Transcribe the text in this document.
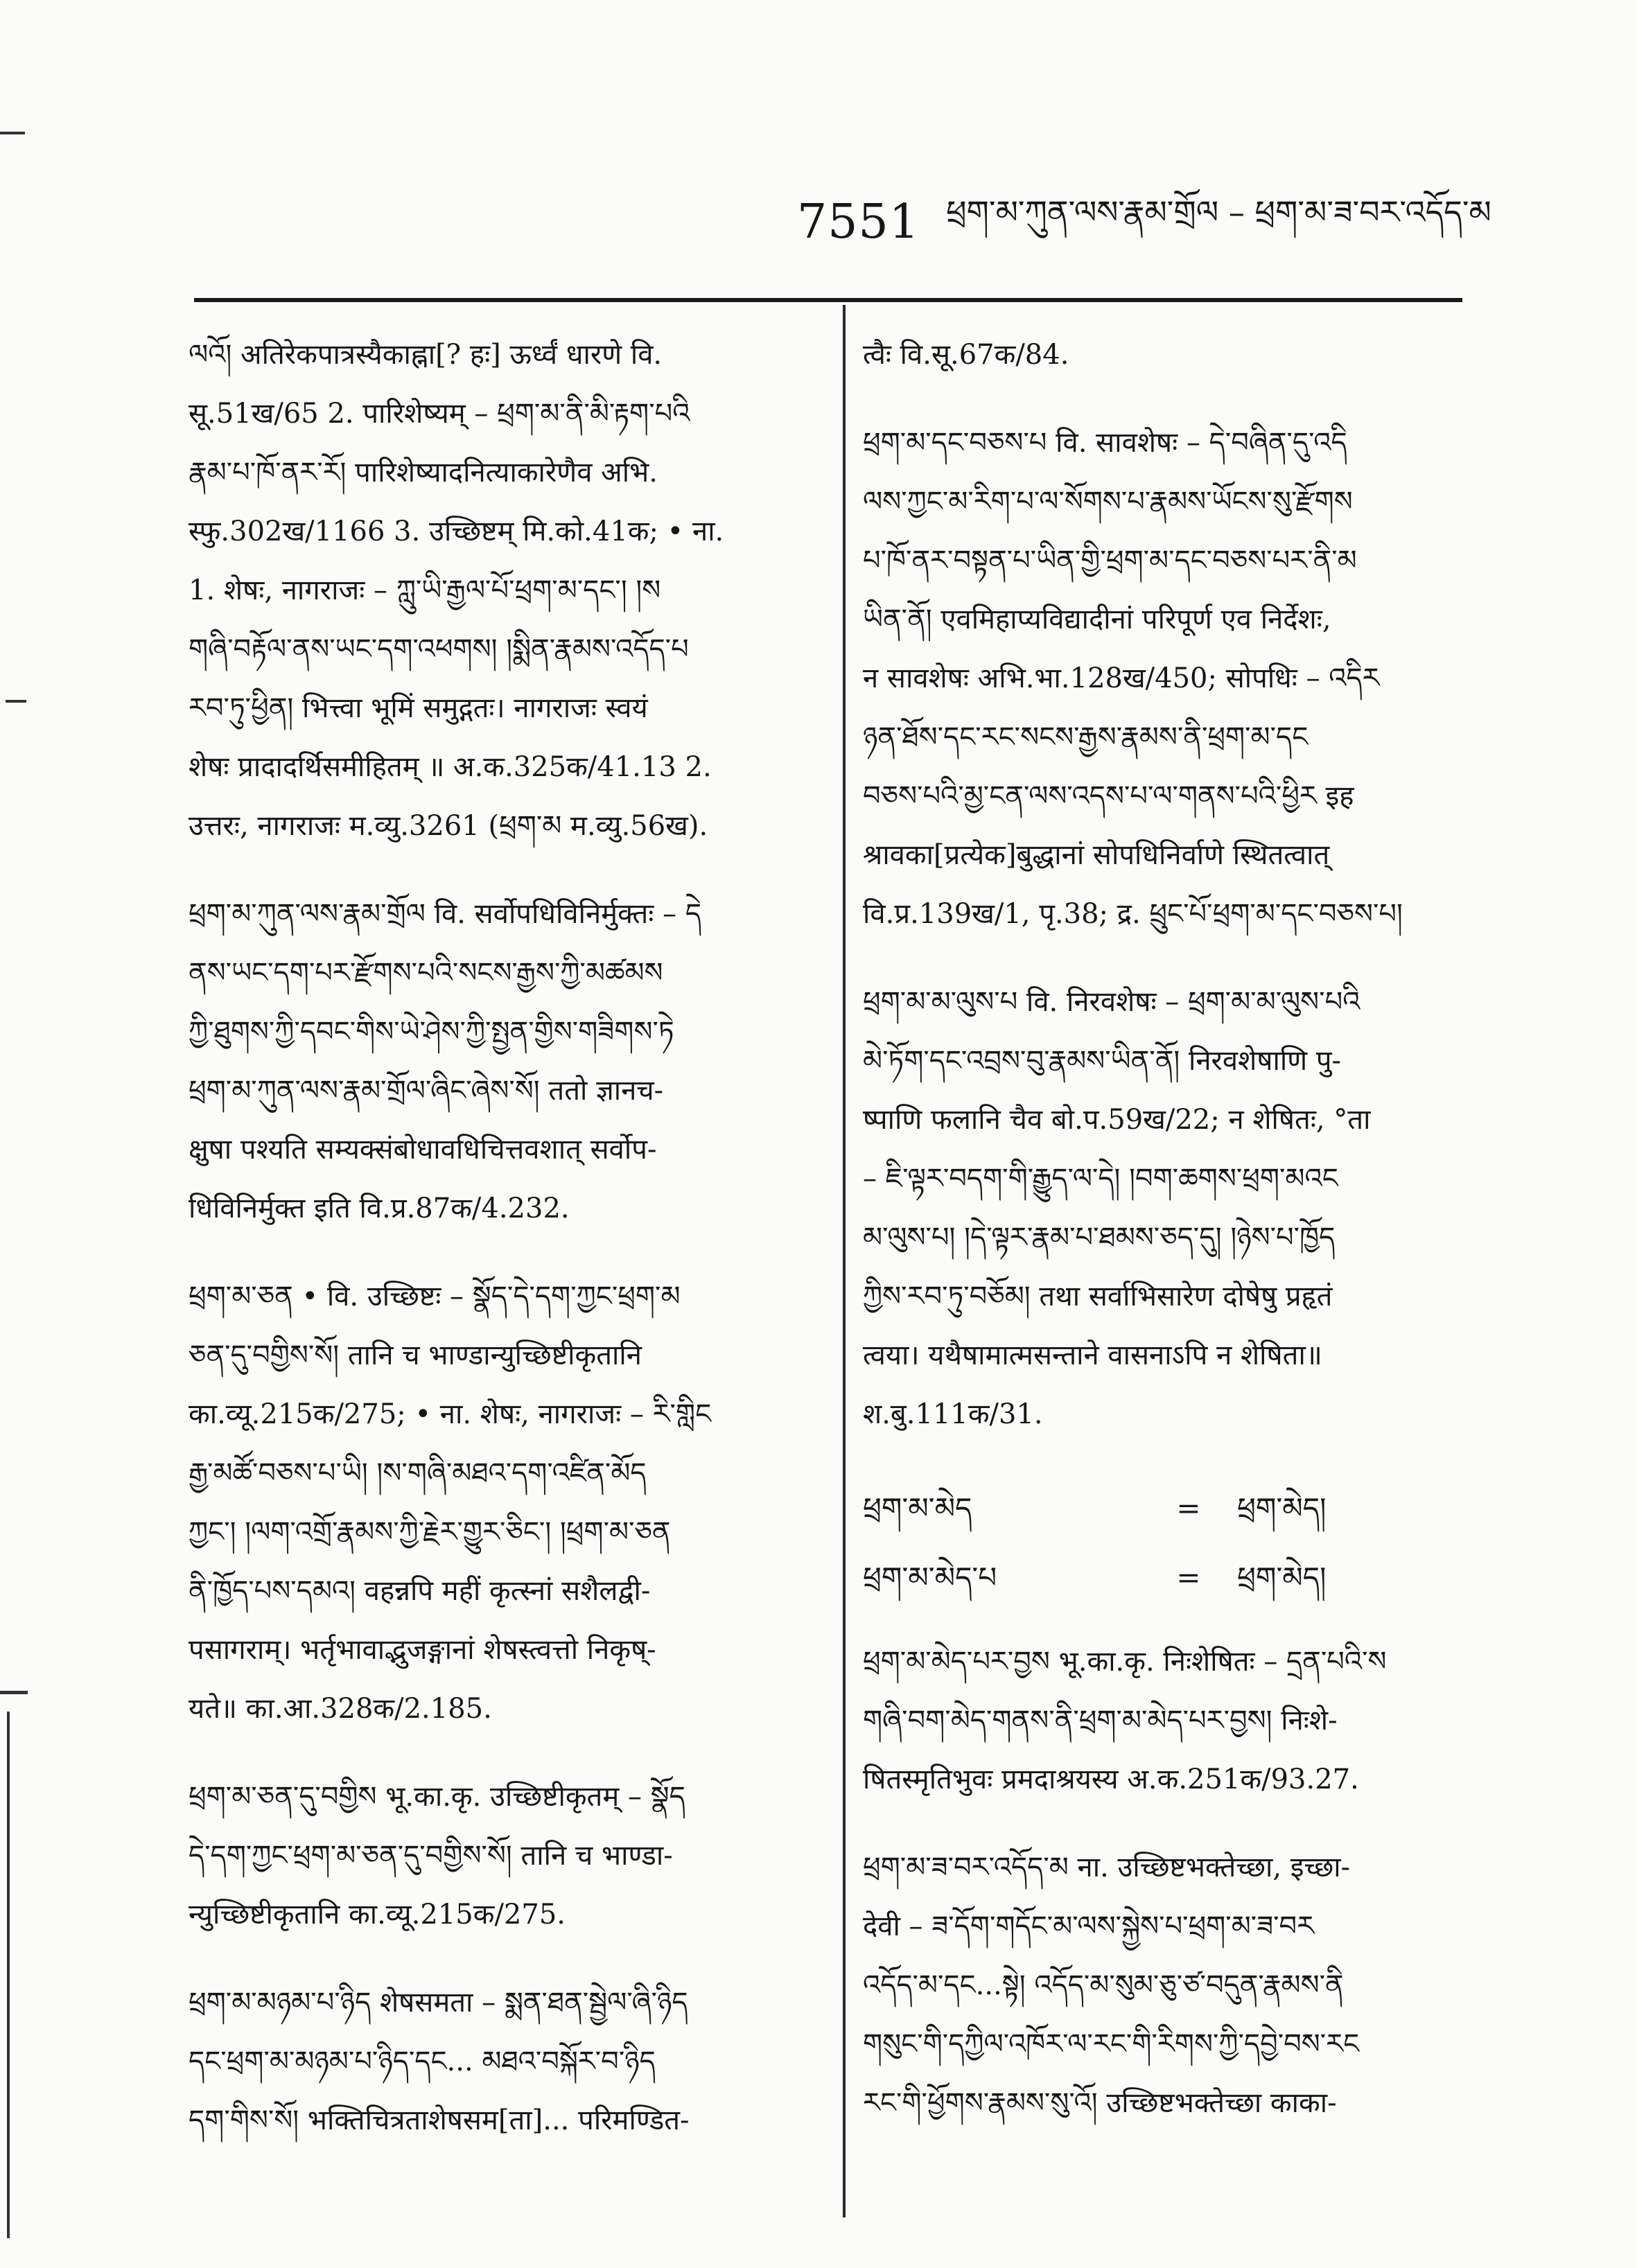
7551 ཕྲག་མ་ཀུན་ལས་རྣམ་གྲོལ – ཕྲག་མ་ཟ་བར་འདོད་མ
ལའོ། अतिरेकपात्रस्यैकाह्ना[? हः] ऊर्ध्वं धारणे वि.
सू.51ख/65 2. पारिशेष्यम् – ཕྲག་མ་ནི་མི་རྟག་པའི
རྣམ་པ་ཁོ་ནར་རོ། पारिशेष्यादनित्याकारेणैव अभि.
स्फु.302ख/1166 3. उच्छिष्टम् मि.को.41क; • ना.
1. शेषः, नागराजः – ཀླུ་ཡི་རྒྱལ་པོ་ཕྲག་མ་དང་། །ས
གཞི་བརྟོལ་ནས་ཡང་དག་འཕགས། །སྨིན་རྣམས་འདོད་པ
རབ་ཏུ་ཕྱིན། भित्त्वा भूमिं समुद्गतः। नागराजः स्वयं
शेषः प्रादादर्थिसमीहितम् ॥ अ.क.325क/41.13 2.
उत्तरः, नागराजः म.व्यु.3261 (ཕྲག་མ म.व्यु.56ख).
ཕྲག་མ་ཀུན་ལས་རྣམ་གྲོལ वि. सर्वोपधिविनिर्मुक्तः – དེ
ནས་ཡང་དག་པར་རྫོགས་པའི་སངས་རྒྱས་ཀྱི་མཚམས
ཀྱི་ཐུགས་ཀྱི་དབང་གིས་ཡེ་ཤེས་ཀྱི་སྤྱན་གྱིས་གཟིགས་ཏེ
ཕྲག་མ་ཀུན་ལས་རྣམ་གྲོལ་ཞིང་ཞེས་སོ། ततो ज्ञानच-
क्षुषा पश्यति सम्यक्संबोधावधिचित्तवशात् सर्वोप-
धिविनिर्मुक्त इति वि.प्र.87क/4.232.
ཕྲག་མ་ཅན • वि. उच्छिष्टः – སྣོད་དེ་དག་ཀྱང་ཕྲག་མ
ཅན་དུ་བགྱིས་སོ། तानि च भाण्डान्युच्छिष्टीकृतानि
का.व्यू.215क/275; • ना. शेषः, नागराजः – རི་གླིང
རྒྱ་མཚོ་བཅས་པ་ཡི། །ས་གཞི་མཐའ་དག་འཛིན་མོད
ཀྱང་། །ལག་འགྲོ་རྣམས་ཀྱི་རྗེར་གྱུར་ཅིང་། །ཕྲག་མ་ཅན
ནི་ཁྱོད་པས་དམའ། वहन्नपि महीं कृत्स्नां सशैलद्वी-
पसागराम्। भर्तृभावाद्भुजङ्गानां शेषस्त्वत्तो निकृष्-
यते॥ का.आ.328क/2.185.
ཕྲག་མ་ཅན་དུ་བགྱིས भू.का.कृ. उच्छिष्टीकृतम् – སྣོད
དེ་དག་ཀྱང་ཕྲག་མ་ཅན་དུ་བགྱིས་སོ། तानि च भाण्डा-
न्युच्छिष्टीकृतानि का.व्यू.215क/275.
ཕྲག་མ་མཉམ་པ་ཉིད शेषसमता – སྨན་ཐན་སྦྱེལ་ཞི་ཉིད
དང་ཕྲག་མ་མཉམ་པ་ཉིད་དང... མཐའ་བསྐོར་བ་ཉིད
དག་གིས་སོ། भक्तिचित्रताशेषसम[ता]... परिमण्डित-
त्वैः वि.सू.67क/84.
ཕྲག་མ་དང་བཅས་པ वि. सावशेषः – དེ་བཞིན་དུ་འདི
ལས་ཀྱང་མ་རིག་པ་ལ་སོགས་པ་རྣམས་ཡོངས་སུ་རྫོགས
པ་ཁོ་ནར་བསྟན་པ་ཡིན་གྱི་ཕྲག་མ་དང་བཅས་པར་ནི་མ
ཡིན་ནོ། एवमिहाप्यविद्यादीनां परिपूर्ण एव निर्देशः,
न सावशेषः अभि.भा.128ख/450; सोपधिः – འདིར
ཉན་ཐོས་དང་རང་སངས་རྒྱས་རྣམས་ནི་ཕྲག་མ་དང
བཅས་པའི་མྱ་ངན་ལས་འདས་པ་ལ་གནས་པའི་ཕྱིར इह
श्रावका[प्रत्येक]बुद्धानां सोपधिनिर्वाणे स्थितत्वात्
वि.प्र.139ख/1, पृ.38; द्र. ཕྲུང་པོ་ཕྲག་མ་དང་བཅས་པ།
ཕྲག་མ་མ་ལུས་པ वि. निरवशेषः – ཕྲག་མ་མ་ལུས་པའི
མེ་ཏོག་དང་འབྲས་བུ་རྣམས་ཡིན་ནོ། निरवशेषाणि पु-
ष्पाणि फलानि चैव बो.प.59ख/22; न शेषितः, °ता
– ཇི་ལྟར་བདག་གི་རྒྱུད་ལ་དེ། །བག་ཆགས་ཕྲག་མའང
མ་ལུས་པ། །དེ་ལྟར་རྣམ་པ་ཐམས་ཅད་དུ། །ཉེས་པ་ཁྱོད
ཀྱིས་རབ་ཏུ་བཅོམ། तथा सर्वाभिसारेण दोषेषु प्रहृतं
त्वया। यथैषामात्मसन्ताने वासनाऽपि न शेषिता॥
श.बु.111क/31.
ཕྲག་མ་མེད	=	ཕྲག་མེད།
ཕྲག་མ་མེད་པ	=	ཕྲག་མེད།
ཕྲག་མ་མེད་པར་བྱས भू.का.कृ. निःशेषितः – དྲན་པའི་ས
གཞི་བག་མེད་གནས་ནི་ཕྲག་མ་མེད་པར་བྱས། निःशे-
षितस्मृतिभुवः प्रमदाश्रयस्य अ.क.251क/93.27.
ཕྲག་མ་ཟ་བར་འདོད་མ ना. उच्छिष्टभक्तेच्छा, इच्छा-
देवी – ཟ་དོག་གདོང་མ་ལས་སྐྱེས་པ་ཕྲག་མ་ཟ་བར
འདོད་མ་དང...སྟེ། འདོད་མ་སུམ་ཅུ་ཙ་བདུན་རྣམས་ནི
གསུང་གི་དཀྱིལ་འཁོར་ལ་རང་གི་རིགས་ཀྱི་དབྱེ་བས་རང
རང་གི་ཕྱོགས་རྣམས་སུ་འོ། उच्छिष्टभक्तेच्छा काका-
